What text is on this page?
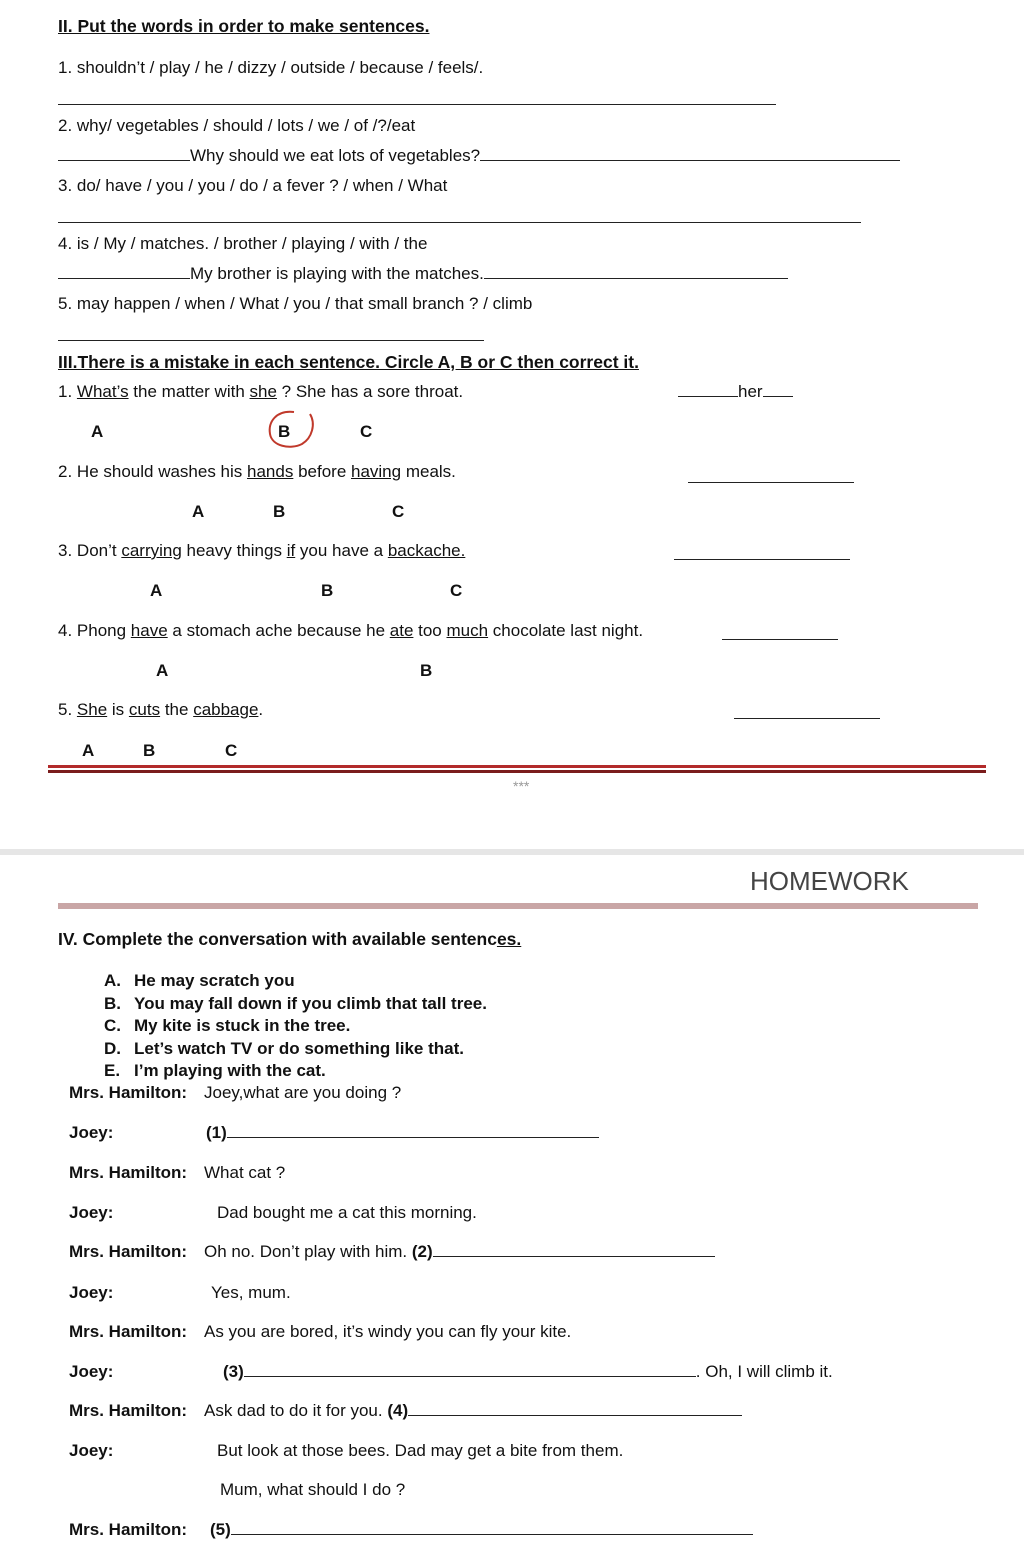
II. Put the words in order to make sentences.
1. shouldn’t / play / he / dizzy / outside / because / feels/.
2. why/ vegetables / should / lots / we / of /?/eat
Why should we eat lots of vegetables?
3. do/ have / you / you / do / a fever ? / when / What
4. is / My / matches. / brother / playing / with / the
My brother is playing with the matches.
5. may happen / when / What / you / that small branch ? / climb
III.There is a mistake in each sentence. Circle A, B or C then correct it.
1. What’s the matter with she ? She has a sore throat.	her
A	B	C
2. He should washes his hands before having meals.
A	B	C
3. Don’t carrying heavy things if you have a backache.
A	B	C
4. Phong have a stomach ache because he ate too much chocolate last night.
A	B
5. She is cuts the cabbage.
A	B	C
***
HOMEWORK
IV. Complete the conversation with available sentences.
A. He may scratch you
B. You may fall down if you climb that tall tree.
C. My kite is stuck in the tree.
D. Let’s watch TV or do something like that.
E. I’m playing with the cat.
Mrs. Hamilton: Joey,what are you doing ?
Joey:	(1)
Mrs. Hamilton: What cat ?
Joey:	Dad bought me a cat this morning.
Mrs. Hamilton: Oh no. Don’t play with him. (2)
Joey:	Yes, mum.
Mrs. Hamilton: As you are bored, it’s windy you can fly your kite.
Joey:	(3)	. Oh, I will climb it.
Mrs. Hamilton: Ask dad to do it for you. (4)
Joey:	But look at those bees. Dad may get a bite from them.
Mum, what should I do ?
Mrs. Hamilton: (5)
